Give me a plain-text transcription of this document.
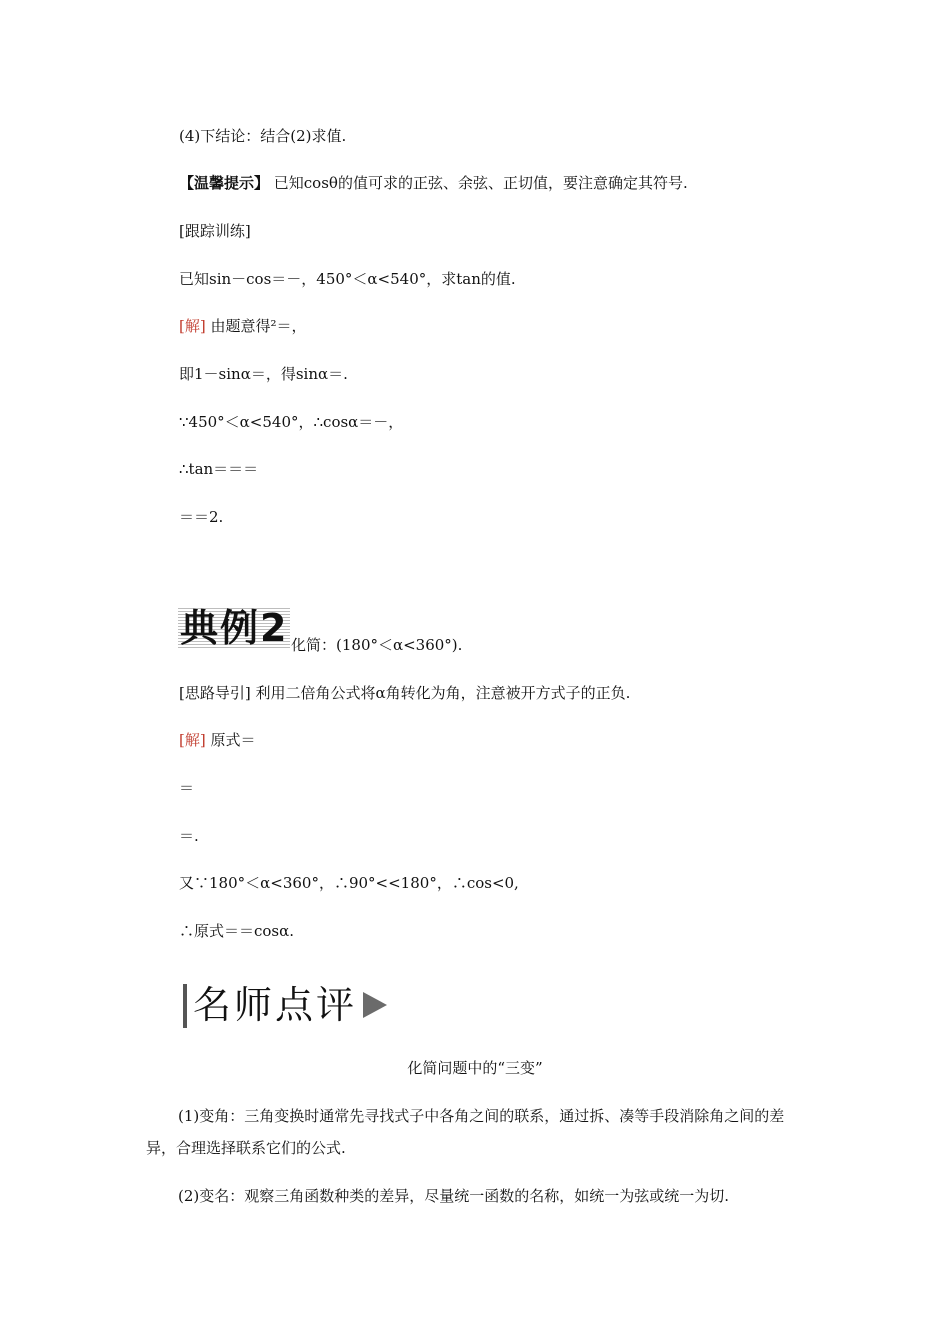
(4)下结论：结合(2)求值.
【温馨提示】 已知cosθ的值可求的正弦、余弦、正切值，要注意确定其符号.
[跟踪训练]
已知sin－cos＝－，450°＜α<540°，求tan的值.
[解] 由题意得²＝，
即1－sinα＝，得sinα＝.
∵450°＜α<540°，∴cosα＝－，
∴tan＝＝＝
＝＝2.
典例2 化简：(180°＜α<360°).
[思路导引] 利用二倍角公式将α角转化为角，注意被开方式子的正负.
[解] 原式＝
＝
＝.
又∵180°＜α<360°，∴90°<<180°，∴cos<0,
∴原式＝＝cosα.
名师点评
化简问题中的“三变”
(1)变角：三角变换时通常先寻找式子中各角之间的联系，通过拆、凑等手段消除角之间的差异，合理选择联系它们的公式.
(2)变名：观察三角函数种类的差异，尽量统一函数的名称，如统一为弦或统一为切.
